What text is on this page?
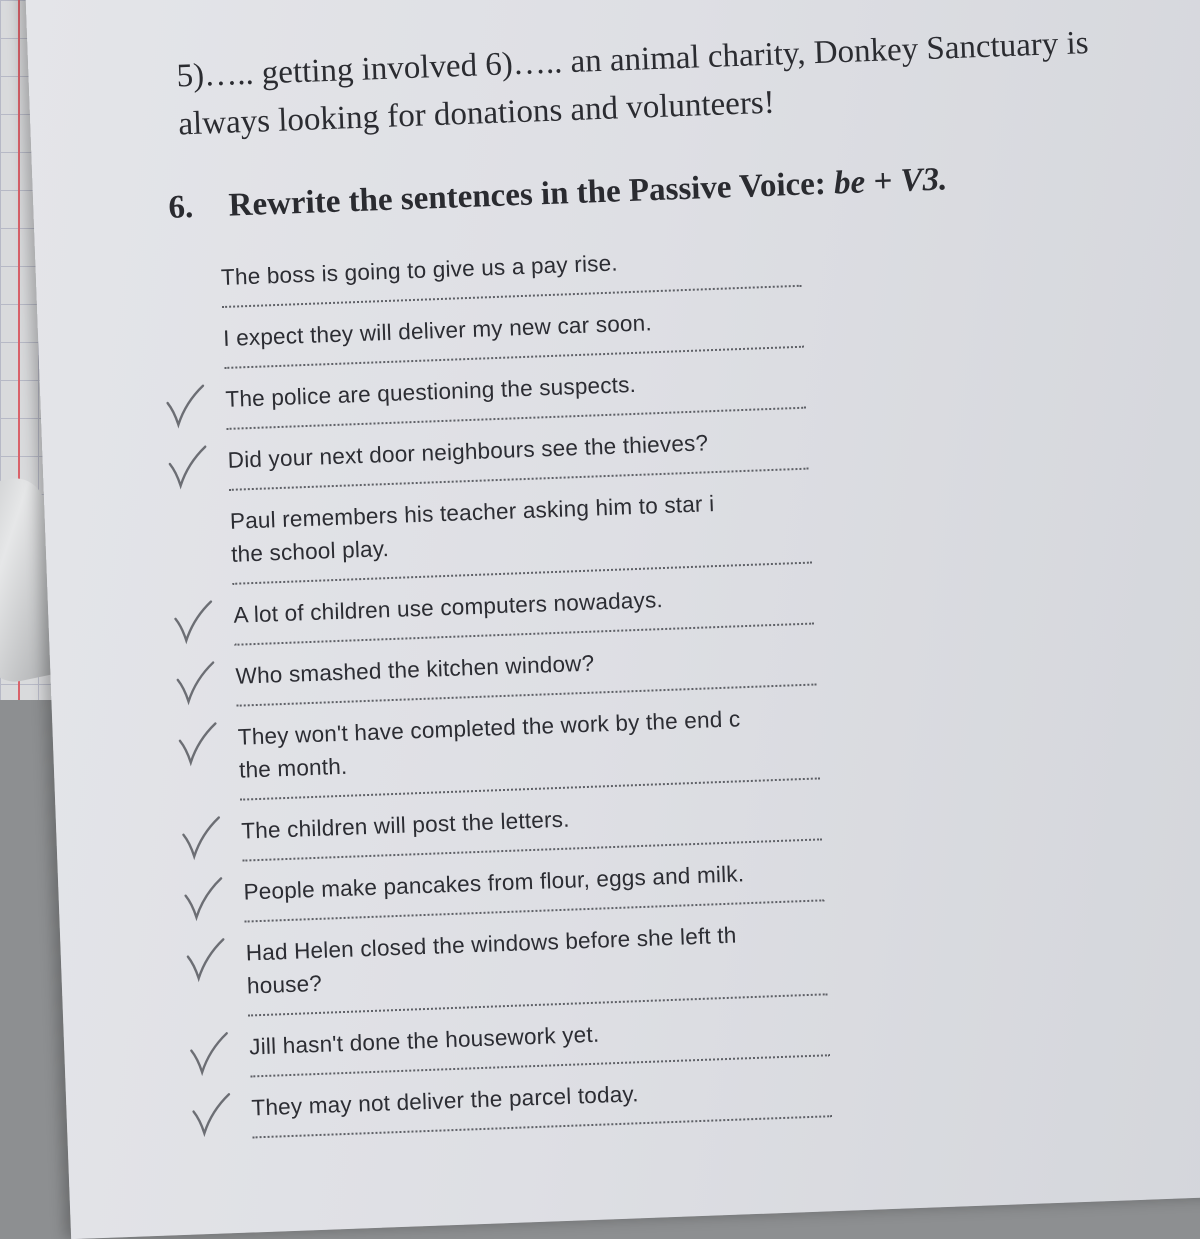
5)….. getting involved 6)….. an animal charity, Donkey Sanctuary is
always looking for donations and volunteers!
6. Rewrite the sentences in the Passive Voice: be + V3.
The boss is going to give us a pay rise.
I expect they will deliver my new car soon.
The police are questioning the suspects.
Did your next door neighbours see the thieves?
Paul remembers his teacher asking him to star i
the school play.
A lot of children use computers nowadays.
Who smashed the kitchen window?
They won't have completed the work by the end c
the month.
The children will post the letters.
People make pancakes from flour, eggs and milk.
Had Helen closed the windows before she left th
house?
Jill hasn't done the housework yet.
They may not deliver the parcel today.
